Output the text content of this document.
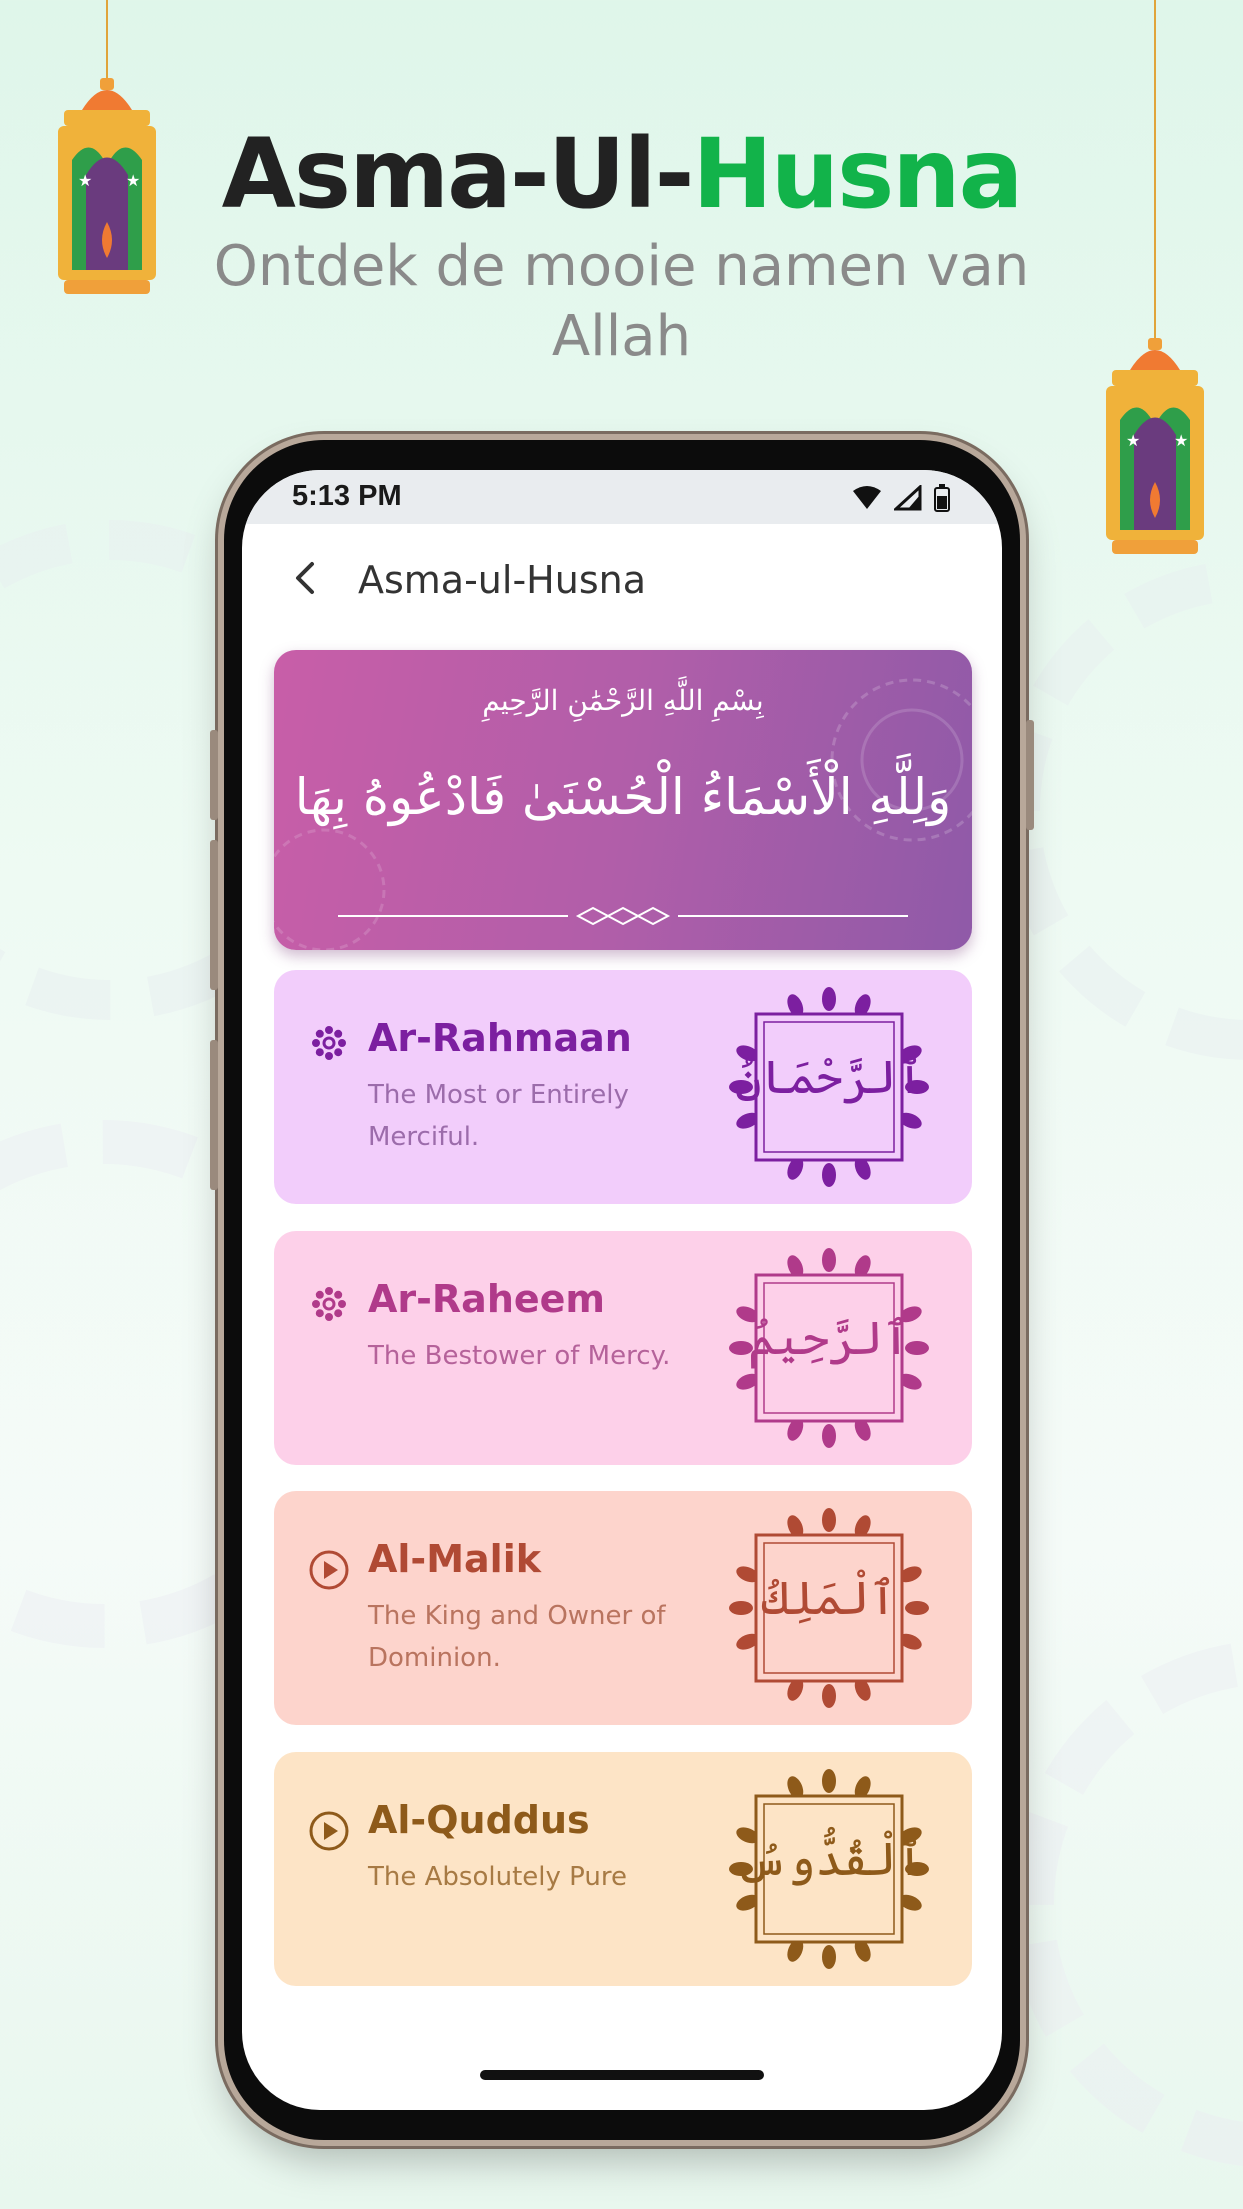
Asma-Ul-Husna
Ontdek de mooie namen van Allah
★ ★
★ ★
5:13 PM
Asma-ul-Husna
بِسْمِ اللَّهِ الرَّحْمَٰنِ الرَّحِيمِ
وَلِلَّهِ الْأَسْمَاءُ الْحُسْنَىٰ فَادْعُوهُ بِهَا
Ar-Rahmaan
The Most or Entirely Merciful.
ٱلرَّحْمَانُ
Ar-Raheem
The Bestower of Mercy.	ٱلرَّحِيمُ
Al-Malik
The King and Owner of Dominion.
ٱلْمَلِكُ
Al-Quddus
The Absolutely Pure	ٱلْقُدُّوسُ
